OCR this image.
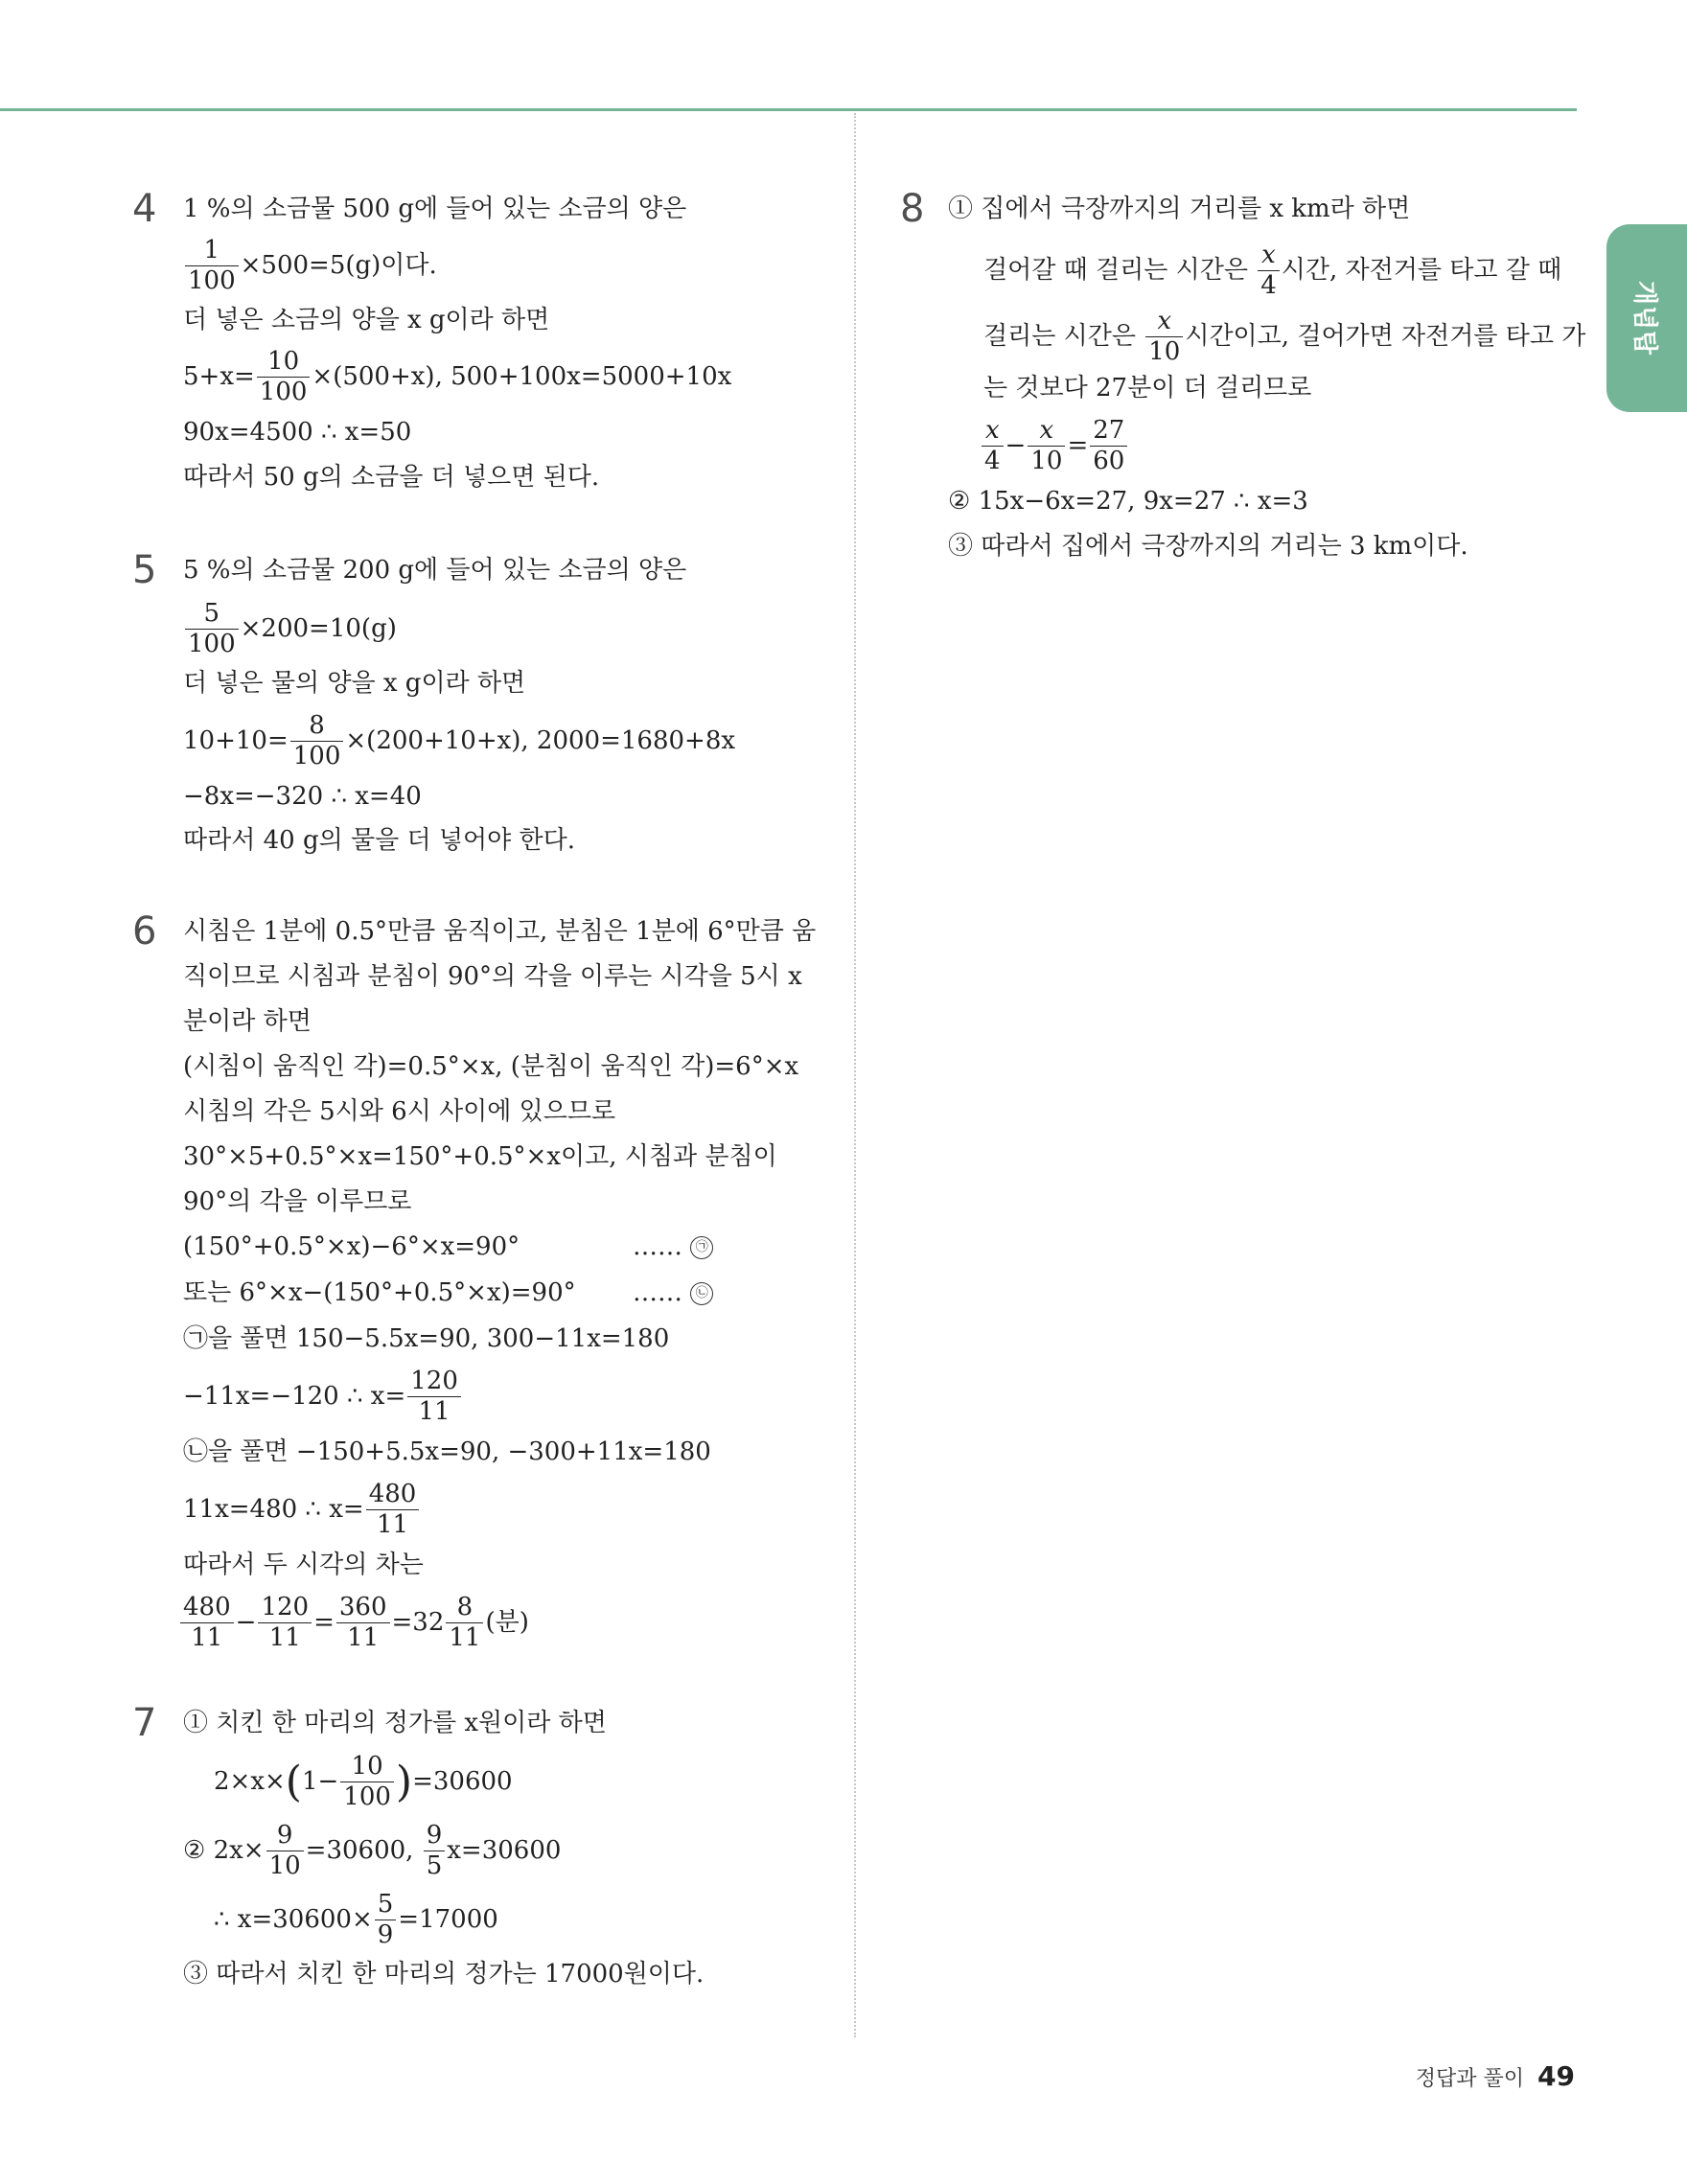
개념탑
4 1 %의 소금물 500 g에 들어 있는 소금의 양은
$\frac{1}{100} \times 500=5(g)$이다.
더 넣은 소금의 양을 x g이라 하면
$5+x= \frac{10}{100} \times(500+x)$, 500+100x=5000+10x
90x=4500 ∴ x=50
따라서 50 g의 소금을 더 넣으면 된다.
5 5 %의 소금물 200 g에 들어 있는 소금의 양은
$\frac{5}{100} \times 200=10(g)$
더 넣은 물의 양을 x g이라 하면
$10+10= \frac{8}{100} \times(200+10+x)$, 2000=1680+8x
−8x=−320 ∴ x=40
따라서 40 g의 물을 더 넣어야 한다.
6 시침은 1분에 0.5°만큼 움직이고, 분침은 1분에 6°만큼 움
직이므로 시침과 분침이 90°의 각을 이루는 시각을 5시 x
분이라 하면
(시침이 움직인 각)=0.5°×x, (분침이 움직인 각)=6°×x
시침의 각은 5시와 6시 사이에 있으므로
30°×5+0.5°×x=150°+0.5°×x이고, 시침과 분침이
90°의 각을 이루므로
(150°+0.5°×x)−6°×x=90°	…… ㉠
또는 6°×x−(150°+0.5°×x)=90° …… ㉡
㉠을 풀면 150−5.5x=90, 300−11x=180
−11x=−120 ∴ $x= \frac{120}{11}$
㉡을 풀면 −150+5.5x=90, −300+11x=180
11x=480 ∴ $x= \frac{480}{11}$
따라서 두 시각의 차는
$\frac{480}{11} - \frac{120}{11} = \frac{360}{11} =32 \frac{8}{11}$ (분)
7 ① 치킨 한 마리의 정가를 x원이라 하면
$2\times x\times(1- \frac{10}{100} )=30600$
② $2x\times \frac{9}{10} =30600$, $\frac{9}{5} x=30600$
∴ $x=30600\times \frac{5}{9} =17000$
③ 따라서 치킨 한 마리의 정가는 17000원이다.
8 ① 집에서 극장까지의 거리를 x km라 하면
걸어갈 때 걸리는 시간은 $\frac{x}{4}$ 시간, 자전거를 타고 갈 때
걸리는 시간은 $\frac{x}{10}$ 시간이고, 걸어가면 자전거를 타고 가
는 것보다 27분이 더 걸리므로
$\frac{x}{4} - \frac{x}{10} = \frac{27}{60}$
② 15x−6x=27, 9x=27 ∴ x=3
③ 따라서 집에서 극장까지의 거리는 3 km이다.
정답과 풀이 49
